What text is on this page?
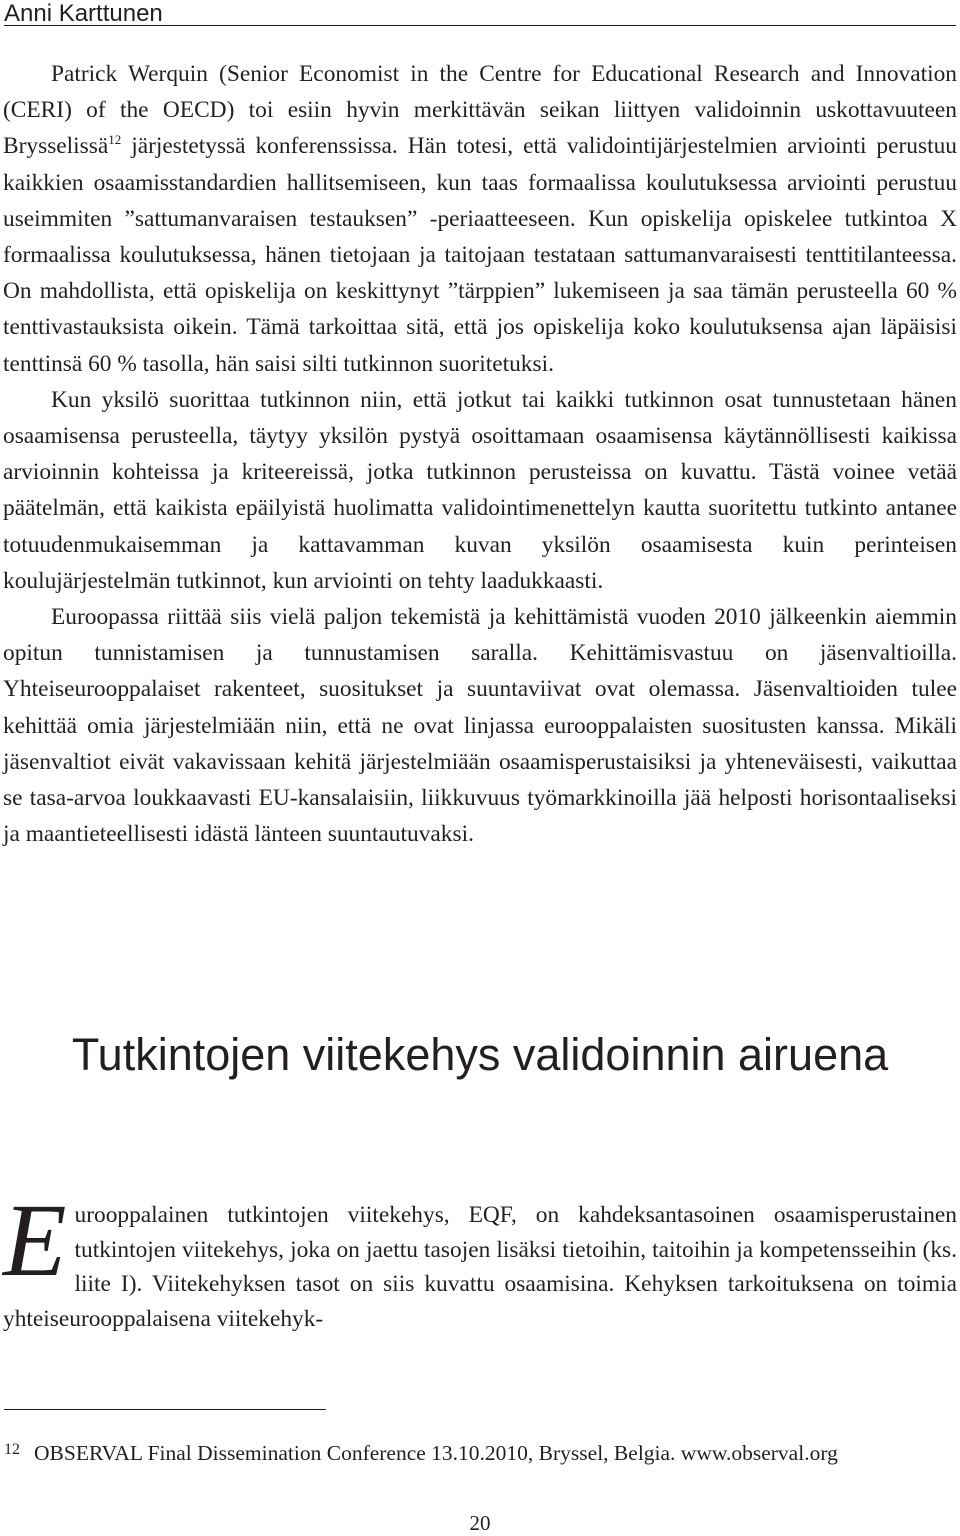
Anni Karttunen

Patrick Werquin (Senior Economist in the Centre for Educational Research and Innovation (CERI) of the OECD) toi esiin hyvin merkittävän seikan liittyen validoinnin uskottavuuteen Brysselissä$^{12}$ järjestetyssä konferenssissa. Hän totesi, että validointijärjestelmien arviointi perustuu kaikkien osaamisstandardien hallitsemiseen, kun taas formaalissa koulutuksessa arviointi perustuu useimmiten ”sattumanvaraisen testauksen” -periaatteeseen. Kun opiskelija opiskelee tutkintoa X formaalissa koulutuksessa, hänen tietojaan ja taitojaan testataan sattumanvaraisesti tenttitilanteessa. On mahdollista, että opiskelija on keskittynyt ”tärppien” lukemiseen ja saa tämän perusteella 60 % tenttivastauksista oikein. Tämä tarkoittaa sitä, että jos opiskelija koko koulutuksensa ajan läpäisisi tenttinsä 60 % tasolla, hän saisi silti tutkinnon suoritetuksi.

Kun yksilö suorittaa tutkinnon niin, että jotkut tai kaikki tutkinnon osat tunnustetaan hänen osaamisensa perusteella, täytyy yksilön pystyä osoittamaan osaamisensa käytännöllisesti kaikissa arvioinnin kohteissa ja kriteereissä, jotka tutkinnon perusteissa on kuvattu. Tästä voinee vetää päätelmän, että kaikista epäilyistä huolimatta validointimenettelyn kautta suoritettu tutkinto antanee totuudenmukaisemman ja kattavamman kuvan yksilön osaamisesta kuin perinteisen koulujärjestelmän tutkinnot, kun arviointi on tehty laadukkaasti.

Euroopassa riittää siis vielä paljon tekemistä ja kehittämistä vuoden 2010 jälkeenkin aiemmin opitun tunnistamisen ja tunnustamisen saralla. Kehittämisvastuu on jäsenvaltioilla. Yhteiseurooppalaiset rakenteet, suositukset ja suuntaviivat ovat olemassa. Jäsenvaltioiden tulee kehittää omia järjestelmiään niin, että ne ovat linjassa eurooppalaisten suositusten kanssa. Mikäli jäsenvaltiot eivät vakavissaan kehitä järjestelmiään osaamisperustaisiksi ja yhteneväisesti, vaikuttaa se tasa-arvoa loukkaavasti EU-kansalaisiin, liikkuvuus työmarkkinoilla jää helposti horisontaaliseksi ja maantieteellisesti idästä länteen suuntautuvaksi.

Tutkintojen viitekehys validoinnin airuena

Eurooppalainen tutkintojen viitekehys, EQF, on kahdeksantasoinen osaamisperustainen tutkintojen viitekehys, joka on jaettu tasojen lisäksi tietoihin, taitoihin ja kompetensseihin (ks. liite I). Viitekehyksen tasot on siis kuvattu osaamisina. Kehyksen tarkoituksena on toimia yhteiseurooppalaisena viitekehyk-

12 OBSERVAL Final Dissemination Conference 13.10.2010, Bryssel, Belgia. www.observal.org
20
